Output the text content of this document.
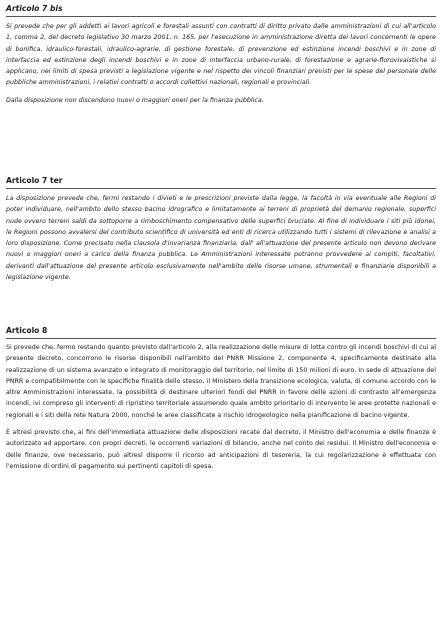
Articolo 7 bis

Si prevede che per gli addetti ai lavori agricoli e forestali assunti con contratti di diritto privato dalle amministrazioni di cui all'articolo 1, comma 2, del decreto legislativo 30 marzo 2001, n. 165, per l'esecuzione in amministrazione diretta dei lavori concernenti le opere di bonifica, idraulico-forestali, idraulico-agrarie, di gestione forestale, di prevenzione ed estinzione incendi boschivi e in zone di interfaccia ed estinzione degli incendi boschivi e in zone di interfaccia urbano-rurale, di forestazione e agrarie-florovivaistiche si applicano, nei limiti di spesa previsti a legislazione vigente e nel rispetto dei vincoli finanziari previsti per le spese del personale delle pubbliche amministrazioni, i relativi contratti o accordi collettivi nazionali, regionali e provinciali.

Dalla disposizione non discendono nuovi o maggiori oneri per la finanza pubblica.

Articolo 7 ter

La disposizione prevede che, fermi restando i divieti e le prescrizioni previste dalla legge, la facoltà in via eventuale alle Regioni di poter individuare, nell'ambito dello stesso bacino idrografico e limitatamente ai terreni di proprietà del demanio regionale, superfici nude ovvero terreni saldi da sottoporre a rimboschimento compensativo delle superfici bruciate. Al fine di individuare i siti più idonei, le Regioni possono avvalersi del contributo scientifico di università ed enti di ricerca utilizzando tutti i sistemi di rilevazione e analisi a loro disposizione. Come precisato nella clausola d'invarianza finanziaria, dall' all'attuazione del presente articolo non devono derivare nuovi o maggiori oneri a carico della finanza pubblica. Le Amministrazioni interessate potranno provvedere ai compiti, facoltativi, derivanti dall'attuazione del presente articolo esclusivamente nell'ambito delle risorse umane, strumentali e finanziarie disponibili a legislazione vigente.

Articolo 8

Si prevede che, fermo restando quanto previsto dall'articolo 2, alla realizzazione delle misure di lotta contro gli incendi boschivi di cui al presente decreto, concorrono le risorse disponibili nell'ambito del PNRR Missione 2, componente 4, specificamente destinate alla realizzazione di un sistema avanzato e integrato di monitoraggio del territorio, nel limite di 150 milioni di euro. In sede di attuazione del PNRR e compatibilmente con le specifiche finalità dello stesso, il Ministero della transizione ecologica, valuta, di comune accordo con le altre Amministrazioni interessate, la possibilità di destinare ulteriori fondi del PNRR in favore delle azioni di contrasto all'emergenza incendi, ivi compreso gli interventi di ripristino territoriale assumendo quale ambito prioritario di intervento le aree protette nazionali e regionali e i siti della rete Natura 2000, nonché le aree classificate a rischio idrogeologico nella pianificazione di bacino vigente.

È altresì previsto che, ai fini dell'immediata attuazione delle disposizioni recate dal decreto, il Ministro dell'economia e delle finanze è autorizzato ad apportare, con propri decreti, le occorrenti variazioni di bilancio, anche nel conto dei residui. Il Ministro dell'economia e delle finanze, ove necessario, può altresì disporre il ricorso ad anticipazioni di tesoreria, la cui regolarizzazione è effettuata con l'emissione di ordini di pagamento sui pertinenti capitoli di spesa.
